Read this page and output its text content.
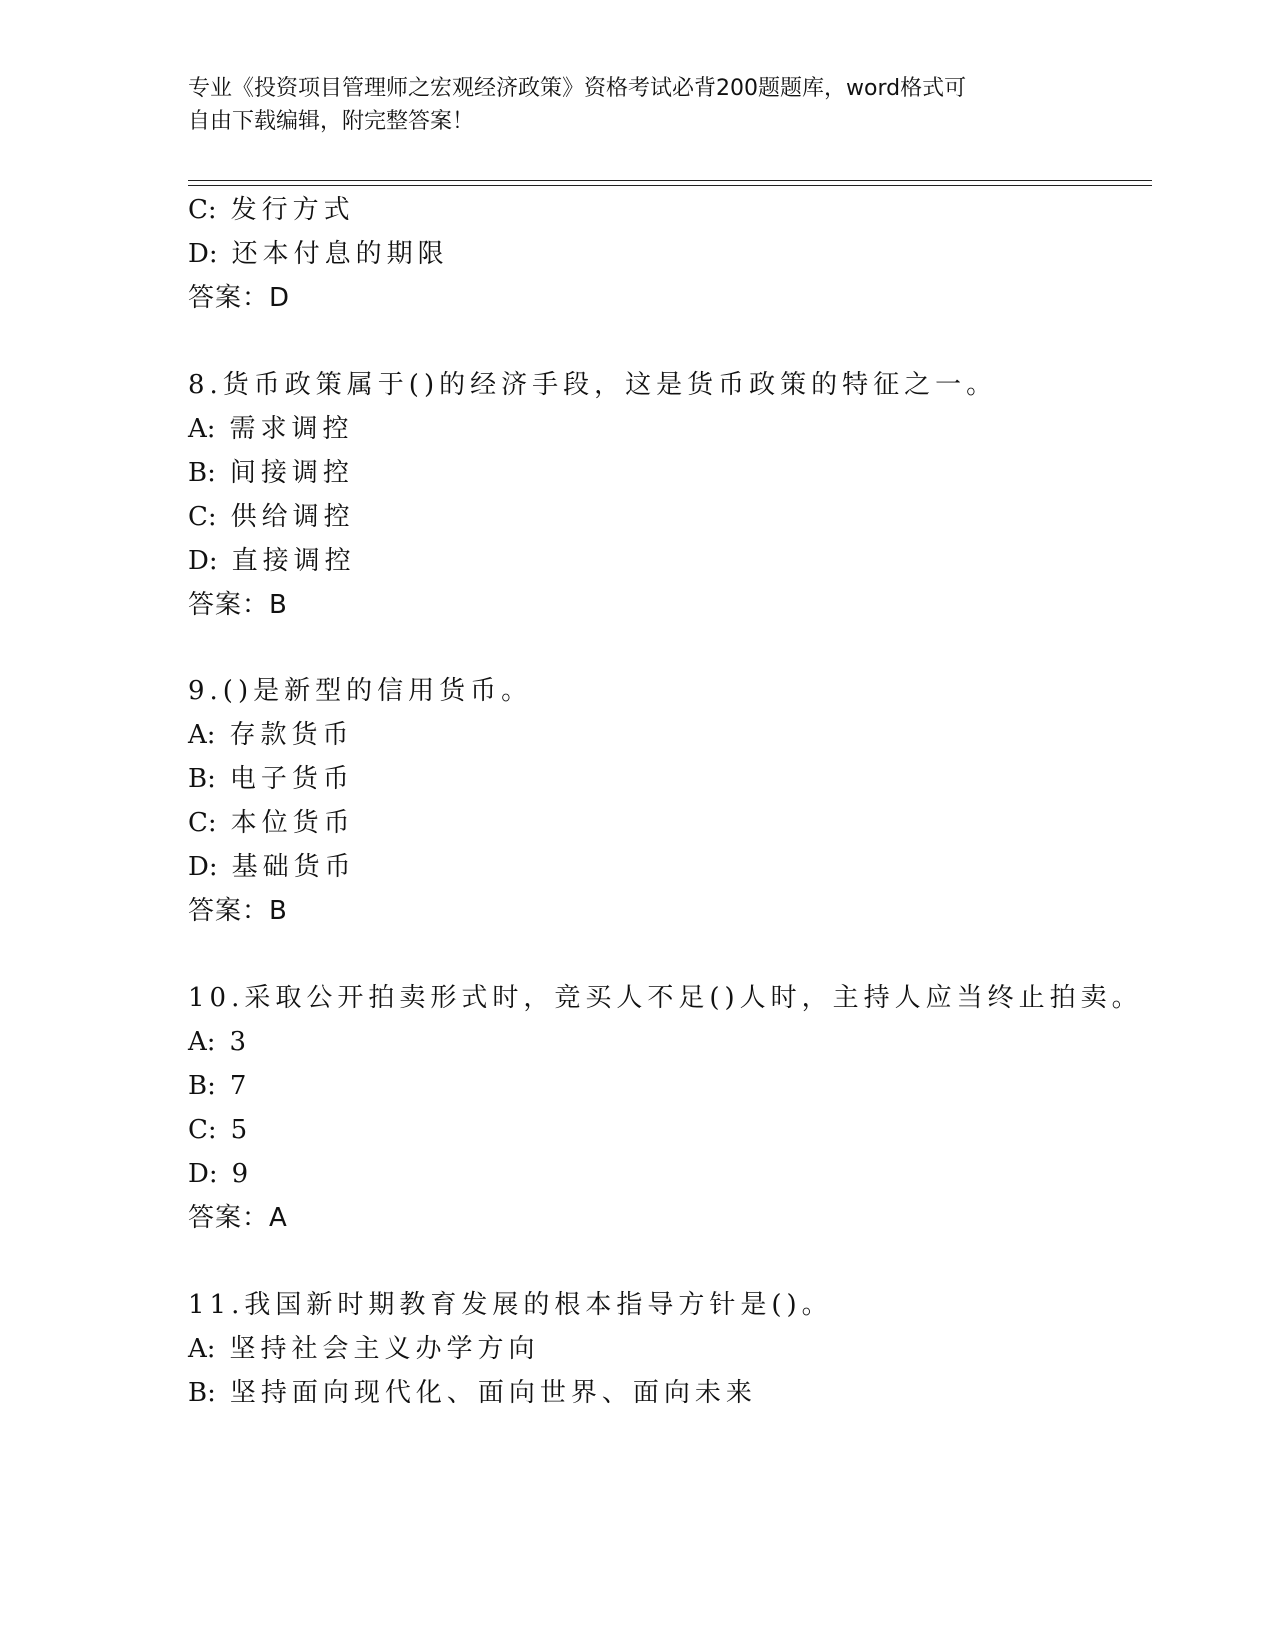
专业《投资项目管理师之宏观经济政策》资格考试必背200题题库，word格式可
自由下载编辑，附完整答案！
C: 发行方式
D: 还本付息的期限
答案：D
8.货币政策属于()的经济手段，这是货币政策的特征之一。
A: 需求调控
B: 间接调控
C: 供给调控
D: 直接调控
答案：B
9.()是新型的信用货币。
A: 存款货币
B: 电子货币
C: 本位货币
D: 基础货币
答案：B
10.采取公开拍卖形式时，竞买人不足()人时，主持人应当终止拍卖。
A: 3
B: 7
C: 5
D: 9
答案：A
11.我国新时期教育发展的根本指导方针是()。
A: 坚持社会主义办学方向
B: 坚持面向现代化、面向世界、面向未来
